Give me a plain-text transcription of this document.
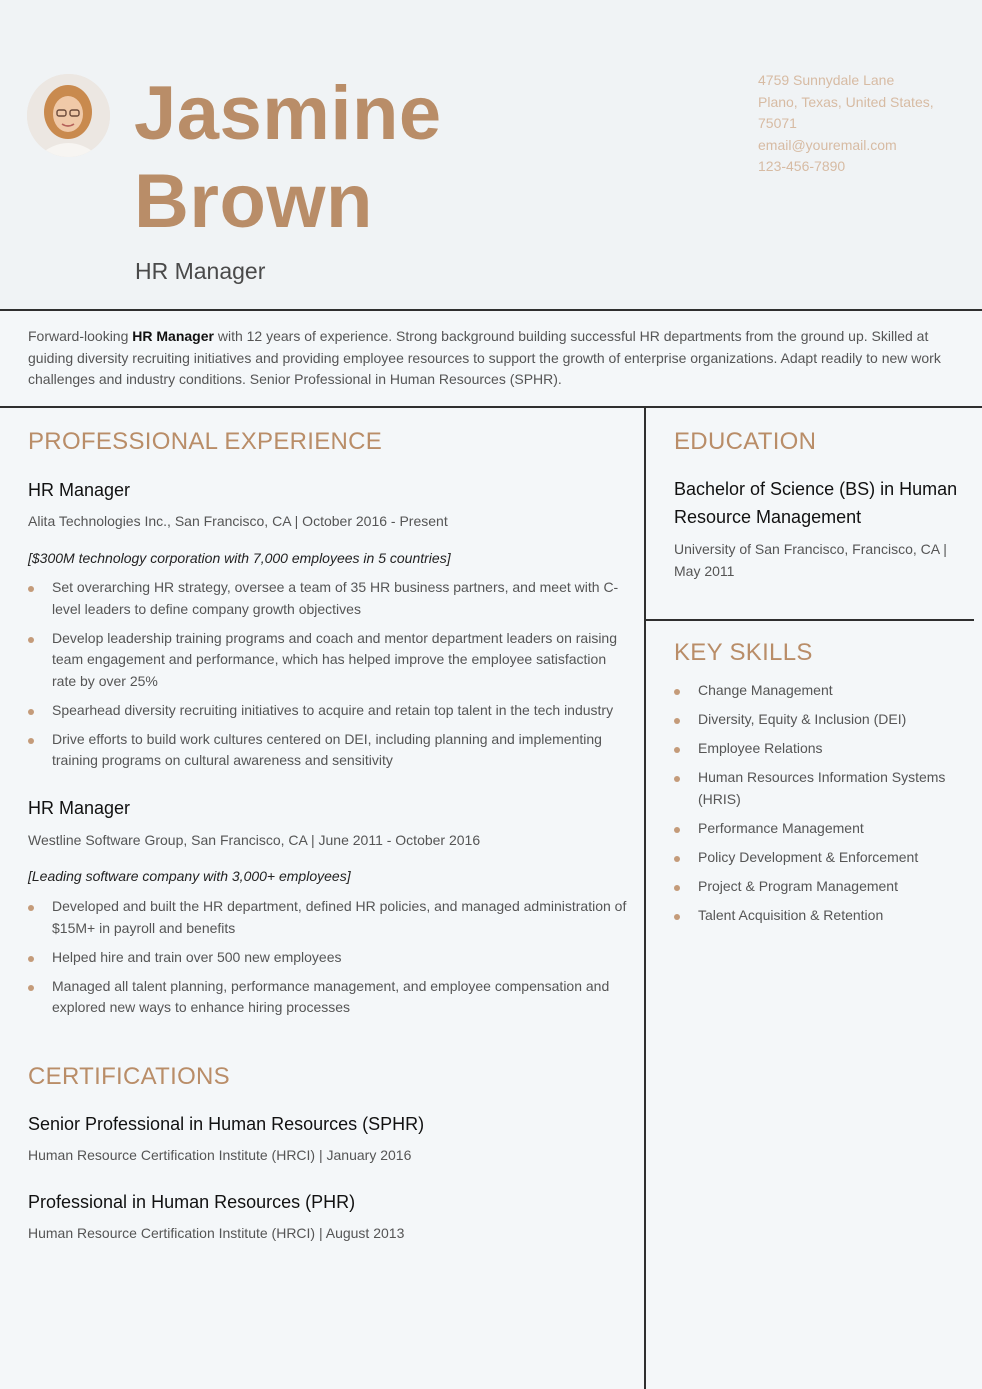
Jasmine
Brown
HR Manager
4759 Sunnydale Lane
Plano, Texas, United States,
75071
email@youremail.com
123-456-7890
Forward-looking HR Manager with 12 years of experience. Strong background building successful HR departments from the ground up. Skilled at guiding diversity recruiting initiatives and providing employee resources to support the growth of enterprise organizations. Adapt readily to new work challenges and industry conditions. Senior Professional in Human Resources (SPHR).
PROFESSIONAL EXPERIENCE
HR Manager
Alita Technologies Inc., San Francisco, CA | October 2016 - Present
[$300M technology corporation with 7,000 employees in 5 countries]
Set overarching HR strategy, oversee a team of 35 HR business partners, and meet with C-level leaders to define company growth objectives
Develop leadership training programs and coach and mentor department leaders on raising team engagement and performance, which has helped improve the employee satisfaction rate by over 25%
Spearhead diversity recruiting initiatives to acquire and retain top talent in the tech industry
Drive efforts to build work cultures centered on DEI, including planning and implementing training programs on cultural awareness and sensitivity
HR Manager
Westline Software Group, San Francisco, CA | June 2011 - October 2016
[Leading software company with 3,000+ employees]
Developed and built the HR department, defined HR policies, and managed administration of $15M+ in payroll and benefits
Helped hire and train over 500 new employees
Managed all talent planning, performance management, and employee compensation and explored new ways to enhance hiring processes
CERTIFICATIONS
Senior Professional in Human Resources (SPHR)
Human Resource Certification Institute (HRCI) | January 2016
Professional in Human Resources (PHR)
Human Resource Certification Institute (HRCI) | August 2013
EDUCATION
Bachelor of Science (BS) in Human Resource Management
University of San Francisco, Francisco, CA | May 2011
KEY SKILLS
Change Management
Diversity, Equity & Inclusion (DEI)
Employee Relations
Human Resources Information Systems (HRIS)
Performance Management
Policy Development & Enforcement
Project & Program Management
Talent Acquisition & Retention
